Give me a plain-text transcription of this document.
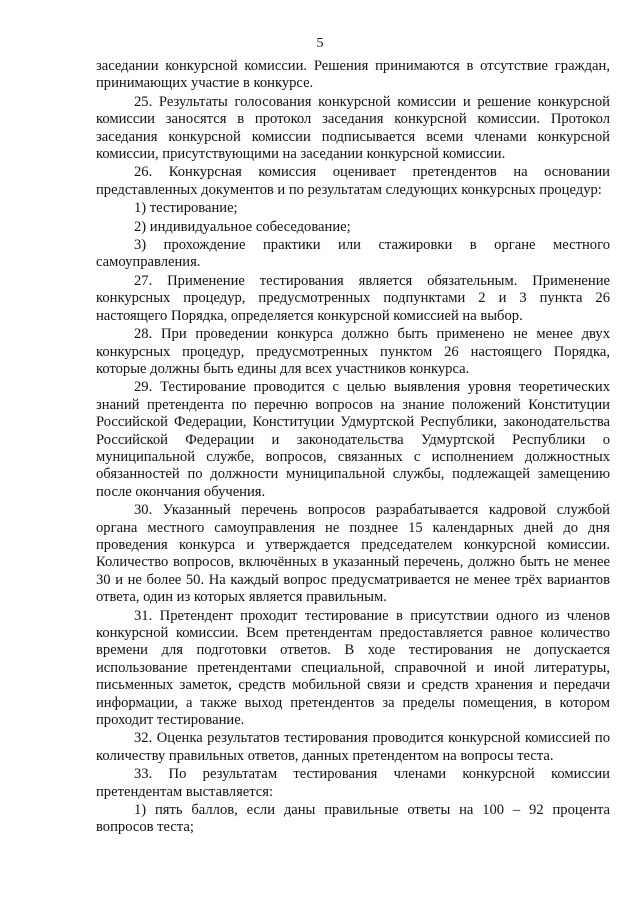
5

заседании конкурсной комиссии. Решения принимаются в отсутствие граждан, принимающих участие в конкурсе.

25. Результаты голосования конкурсной комиссии и решение конкурсной комиссии заносятся в протокол заседания конкурсной комиссии. Протокол заседания конкурсной комиссии подписывается всеми членами конкурсной комиссии, присутствующими на заседании конкурсной комиссии.

26. Конкурсная комиссия оценивает претендентов на основании представленных документов и по результатам следующих конкурсных процедур:

1) тестирование;

2) индивидуальное собеседование;

3) прохождение практики или стажировки в органе местного самоуправления.

27. Применение тестирования является обязательным. Применение конкурсных процедур, предусмотренных подпунктами 2 и 3 пункта 26 настоящего Порядка, определяется конкурсной комиссией на выбор.

28. При проведении конкурса должно быть применено не менее двух конкурсных процедур, предусмотренных пунктом 26 настоящего Порядка, которые должны быть едины для всех участников конкурса.

29. Тестирование проводится с целью выявления уровня теоретических знаний претендента по перечню вопросов на знание положений Конституции Российской Федерации, Конституции Удмуртской Республики, законодательства Российской Федерации и законодательства Удмуртской Республики о муниципальной службе, вопросов, связанных с исполнением должностных обязанностей по должности муниципальной службы, подлежащей замещению после окончания обучения.

30. Указанный перечень вопросов разрабатывается кадровой службой органа местного самоуправления не позднее 15 календарных дней до дня проведения конкурса и утверждается председателем конкурсной комиссии. Количество вопросов, включённых в указанный перечень, должно быть не менее 30 и не более 50. На каждый вопрос предусматривается не менее трёх вариантов ответа, один из которых является правильным.

31. Претендент проходит тестирование в присутствии одного из членов конкурсной комиссии. Всем претендентам предоставляется равное количество времени для подготовки ответов. В ходе тестирования не допускается использование претендентами специальной, справочной и иной литературы, письменных заметок, средств мобильной связи и средств хранения и передачи информации, а также выход претендентов за пределы помещения, в котором проходит тестирование.

32. Оценка результатов тестирования проводится конкурсной комиссией по количеству правильных ответов, данных претендентом на вопросы теста.

33. По результатам тестирования членами конкурсной комиссии претендентам выставляется:

1) пять баллов, если даны правильные ответы на 100 – 92 процента вопросов теста;
